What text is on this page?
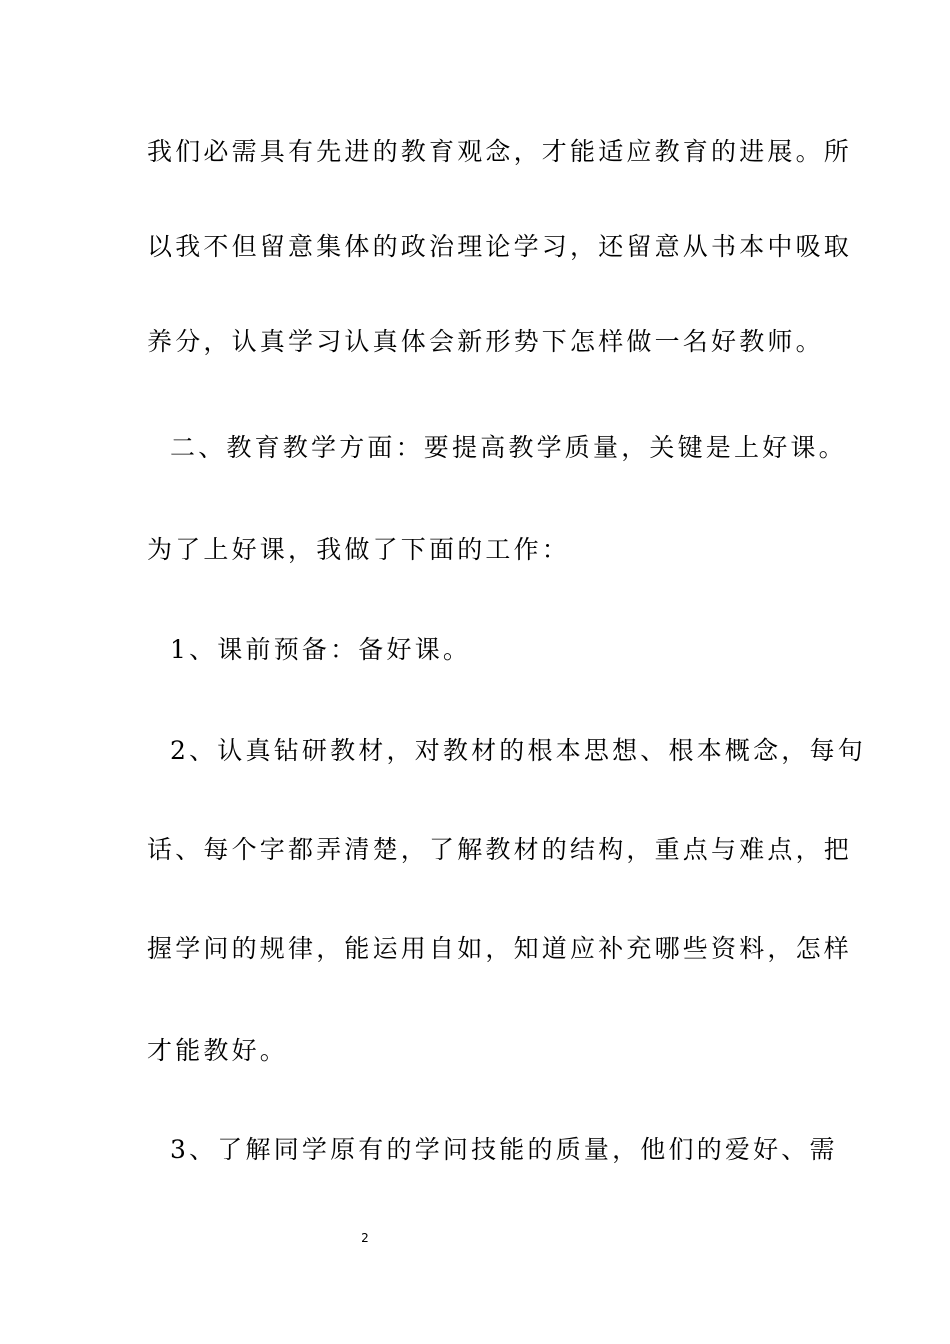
我们必需具有先进的教育观念，才能适应教育的进展。所
以我不但留意集体的政治理论学习，还留意从书本中吸取
养分，认真学习认真体会新形势下怎样做一名好教师。
二、教育教学方面：要提高教学质量，关键是上好课。
为了上好课，我做了下面的工作：
1、课前预备：备好课。
2、认真钻研教材，对教材的根本思想、根本概念，每句
话、每个字都弄清楚，了解教材的结构，重点与难点，把
握学问的规律，能运用自如，知道应补充哪些资料，怎样
才能教好。
3、了解同学原有的学问技能的质量，他们的爱好、需
2
